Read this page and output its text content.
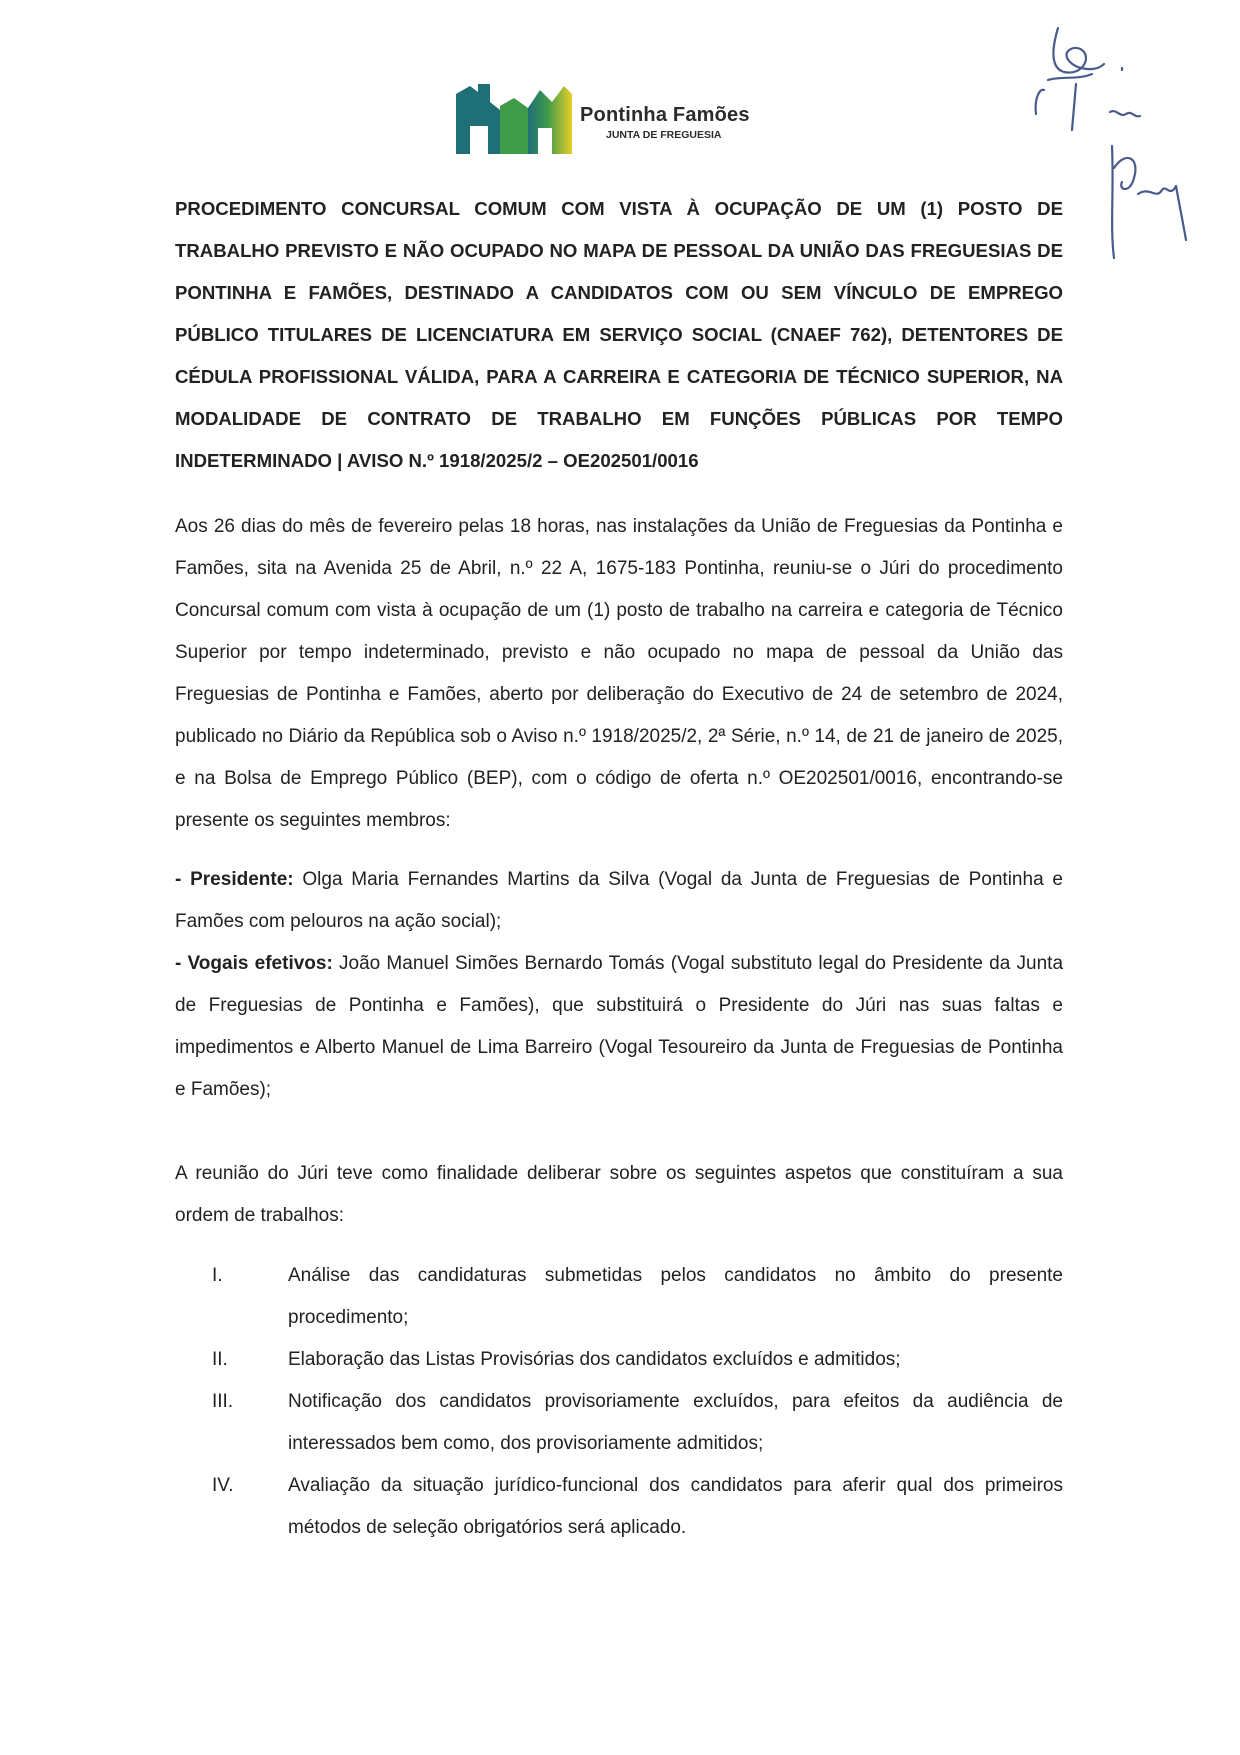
Pontinha Famões
JUNTA DE FREGUESIA
PROCEDIMENTO CONCURSAL COMUM COM VISTA À OCUPAÇÃO DE UM (1) POSTO DE TRABALHO PREVISTO E NÃO OCUPADO NO MAPA DE PESSOAL DA UNIÃO DAS FREGUESIAS DE PONTINHA E FAMÕES, DESTINADO A CANDIDATOS COM OU SEM VÍNCULO DE EMPREGO PÚBLICO TITULARES DE LICENCIATURA EM SERVIÇO SOCIAL (CNAEF 762), DETENTORES DE CÉDULA PROFISSIONAL VÁLIDA, PARA A CARREIRA E CATEGORIA DE TÉCNICO SUPERIOR, NA MODALIDADE DE CONTRATO DE TRABALHO EM FUNÇÕES PÚBLICAS POR TEMPO INDETERMINADO | AVISO N.º 1918/2025/2 – OE202501/0016
Aos 26 dias do mês de fevereiro pelas 18 horas, nas instalações da União de Freguesias da Pontinha e Famões, sita na Avenida 25 de Abril, n.º 22 A, 1675-183 Pontinha, reuniu-se o Júri do procedimento Concursal comum com vista à ocupação de um (1) posto de trabalho na carreira e categoria de Técnico Superior por tempo indeterminado, previsto e não ocupado no mapa de pessoal da União das Freguesias de Pontinha e Famões, aberto por deliberação do Executivo de 24 de setembro de 2024, publicado no Diário da República sob o Aviso n.º 1918/2025/2, 2ª Série, n.º 14, de 21 de janeiro de 2025, e na Bolsa de Emprego Público (BEP), com o código de oferta n.º OE202501/0016, encontrando-se presente os seguintes membros:

- Presidente: Olga Maria Fernandes Martins da Silva (Vogal da Junta de Freguesias de Pontinha e Famões com pelouros na ação social);

- Vogais efetivos: João Manuel Simões Bernardo Tomás (Vogal substituto legal do Presidente da Junta de Freguesias de Pontinha e Famões), que substituirá o Presidente do Júri nas suas faltas e impedimentos e Alberto Manuel de Lima Barreiro (Vogal Tesoureiro da Junta de Freguesias de Pontinha e Famões);

A reunião do Júri teve como finalidade deliberar sobre os seguintes aspetos que constituíram a sua ordem de trabalhos:
I.	Análise das candidaturas submetidas pelos candidatos no âmbito do presente procedimento;
II.	Elaboração das Listas Provisórias dos candidatos excluídos e admitidos;
III.	Notificação dos candidatos provisoriamente excluídos, para efeitos da audiência de interessados bem como, dos provisoriamente admitidos;
IV.	Avaliação da situação jurídico-funcional dos candidatos para aferir qual dos primeiros métodos de seleção obrigatórios será aplicado.
